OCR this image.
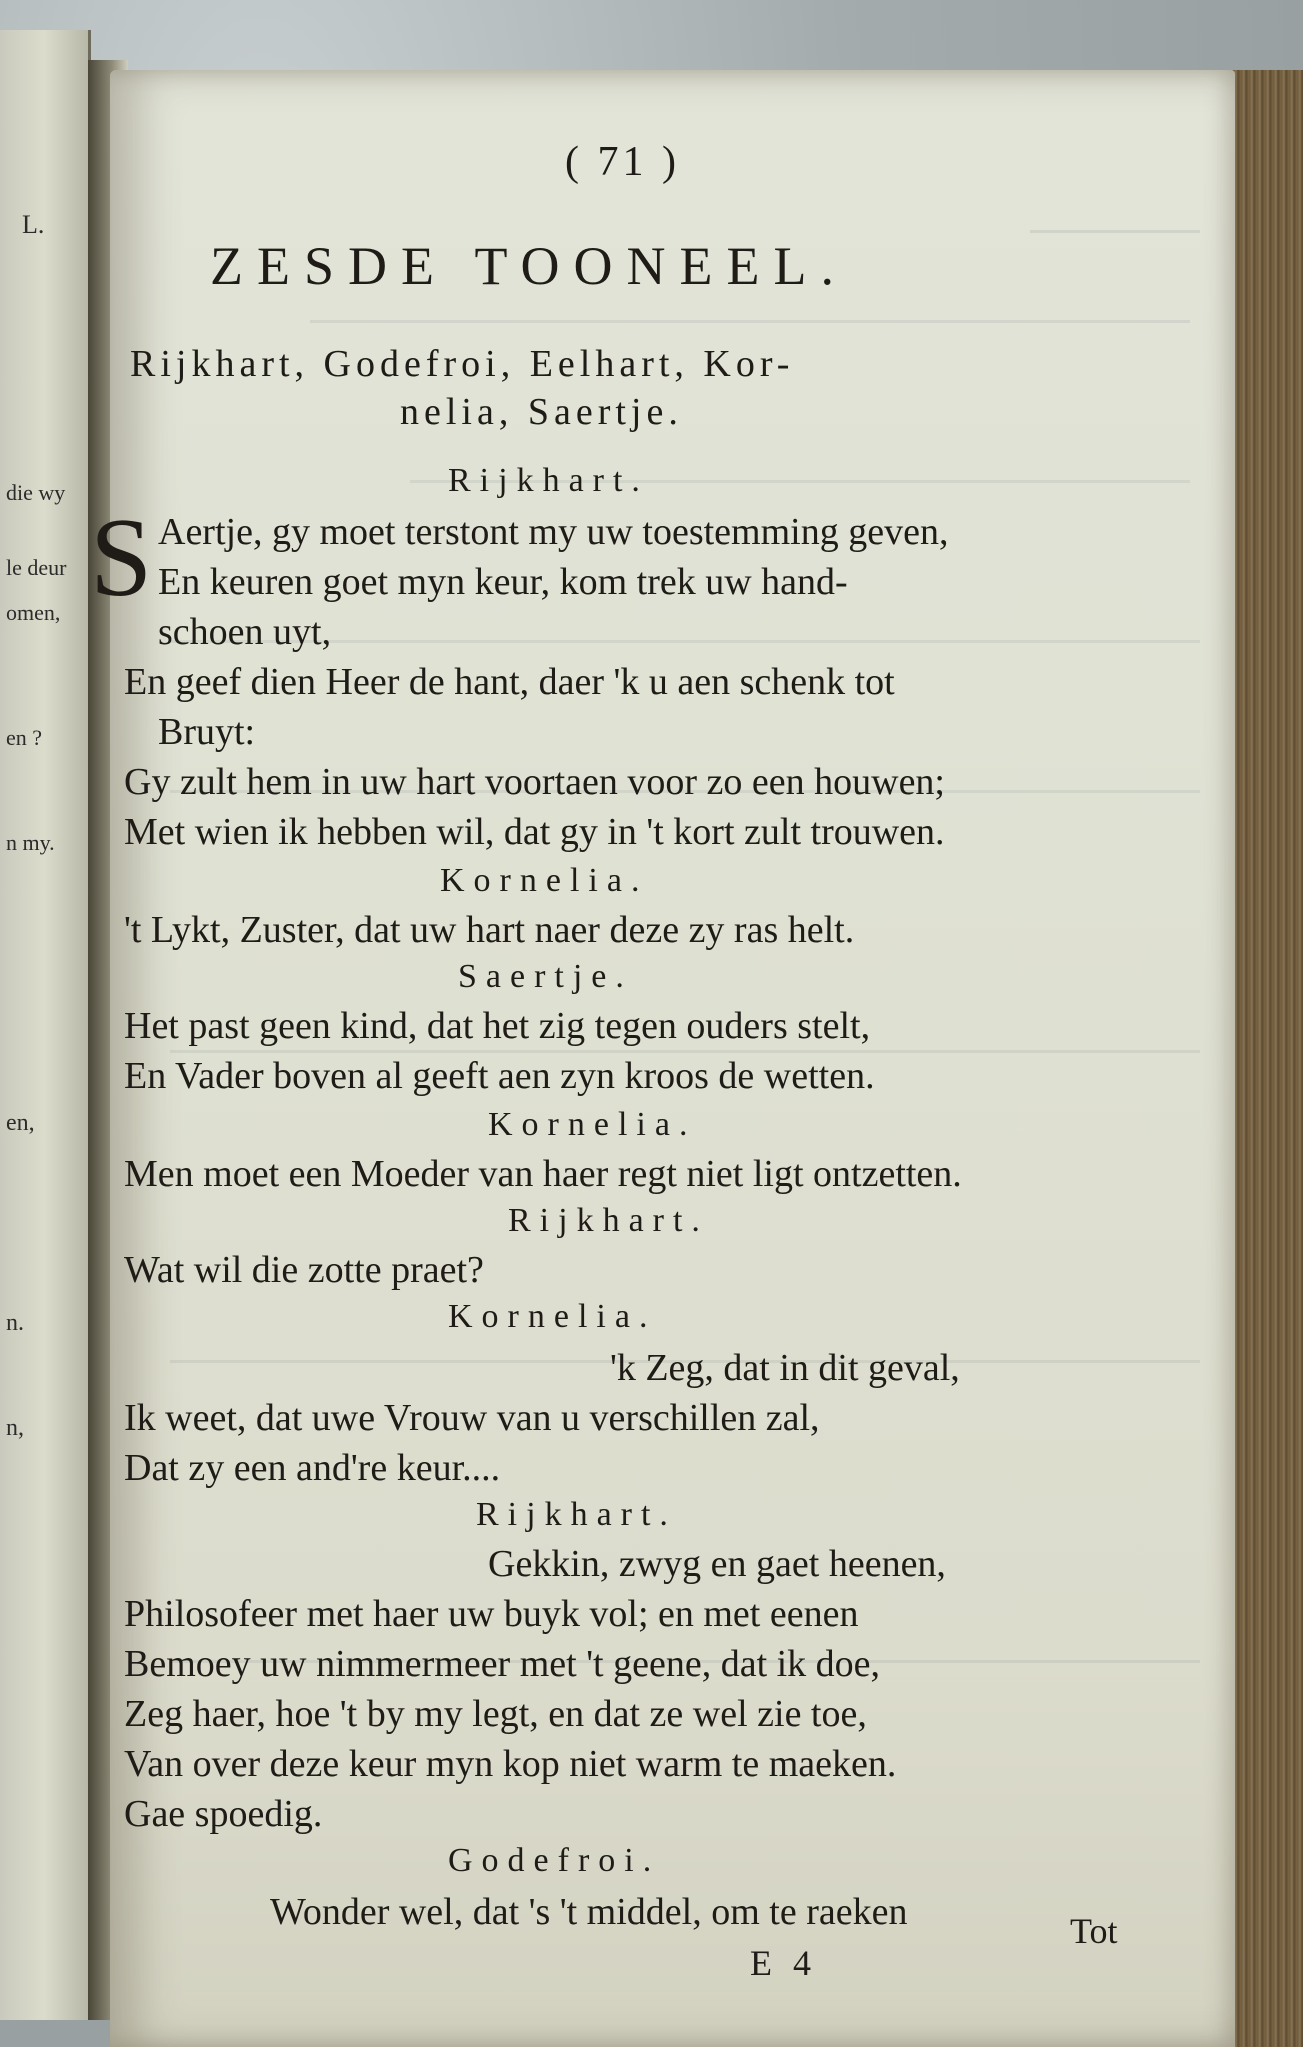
L.
die wy
le deur
omen,
en ?
n my.
en,
n.
n,
( 71 )
ZESDE TOONEEL.
Rijkhart, Godefroi, Eelhart, Kor-
nelia, Saertje.
Rijkhart.
S Aertje, gy moet terstont my uw toestemming geven,
En keuren goet myn keur, kom trek uw hand-
schoen uyt,
En geef dien Heer de hant, daer 'k u aen schenk tot
Bruyt:
Gy zult hem in uw hart voortaen voor zo een houwen;
Met wien ik hebben wil, dat gy in 't kort zult trouwen.
Kornelia.
't Lykt, Zuster, dat uw hart naer deze zy ras helt.
Saertje.
Het past geen kind, dat het zig tegen ouders stelt,
En Vader boven al geeft aen zyn kroos de wetten.
Kornelia.
Men moet een Moeder van haer regt niet ligt ontzetten.
Rijkhart.
Wat wil die zotte praet?
Kornelia.
'k Zeg, dat in dit geval,
Ik weet, dat uwe Vrouw van u verschillen zal,
Dat zy een and're keur....
Rijkhart.
Gekkin, zwyg en gaet heenen,
Philosofeer met haer uw buyk vol; en met eenen
Bemoey uw nimmermeer met 't geene, dat ik doe,
Zeg haer, hoe 't by my legt, en dat ze wel zie toe,
Van over deze keur myn kop niet warm te maeken.
Gae spoedig.
Godefroi.
Wonder wel, dat 's 't middel, om te raeken
E 4
Tot
